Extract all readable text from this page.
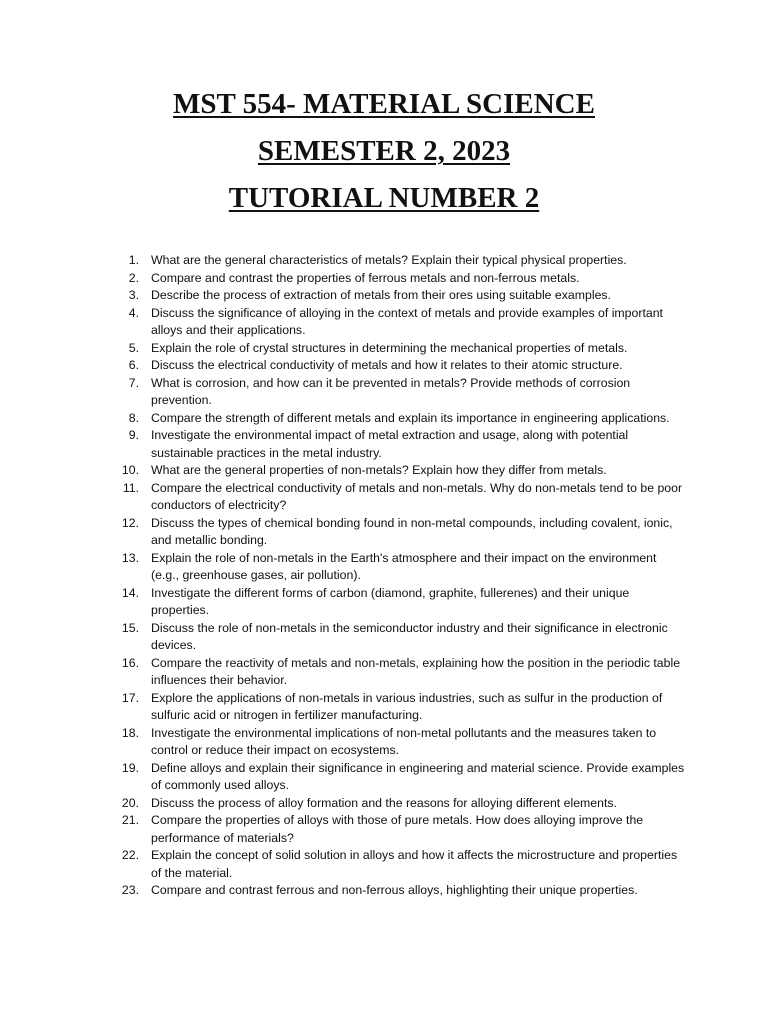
MST 554- MATERIAL SCIENCE
SEMESTER 2, 2023
TUTORIAL NUMBER 2
1. What are the general characteristics of metals? Explain their typical physical properties.
2. Compare and contrast the properties of ferrous metals and non-ferrous metals.
3. Describe the process of extraction of metals from their ores using suitable examples.
4. Discuss the significance of alloying in the context of metals and provide examples of important alloys and their applications.
5. Explain the role of crystal structures in determining the mechanical properties of metals.
6. Discuss the electrical conductivity of metals and how it relates to their atomic structure.
7. What is corrosion, and how can it be prevented in metals? Provide methods of corrosion prevention.
8. Compare the strength of different metals and explain its importance in engineering applications.
9. Investigate the environmental impact of metal extraction and usage, along with potential sustainable practices in the metal industry.
10. What are the general properties of non-metals? Explain how they differ from metals.
11. Compare the electrical conductivity of metals and non-metals. Why do non-metals tend to be poor conductors of electricity?
12. Discuss the types of chemical bonding found in non-metal compounds, including covalent, ionic, and metallic bonding.
13. Explain the role of non-metals in the Earth's atmosphere and their impact on the environment (e.g., greenhouse gases, air pollution).
14. Investigate the different forms of carbon (diamond, graphite, fullerenes) and their unique properties.
15. Discuss the role of non-metals in the semiconductor industry and their significance in electronic devices.
16. Compare the reactivity of metals and non-metals, explaining how the position in the periodic table influences their behavior.
17. Explore the applications of non-metals in various industries, such as sulfur in the production of sulfuric acid or nitrogen in fertilizer manufacturing.
18. Investigate the environmental implications of non-metal pollutants and the measures taken to control or reduce their impact on ecosystems.
19. Define alloys and explain their significance in engineering and material science. Provide examples of commonly used alloys.
20. Discuss the process of alloy formation and the reasons for alloying different elements.
21. Compare the properties of alloys with those of pure metals. How does alloying improve the performance of materials?
22. Explain the concept of solid solution in alloys and how it affects the microstructure and properties of the material.
23. Compare and contrast ferrous and non-ferrous alloys, highlighting their unique properties.
